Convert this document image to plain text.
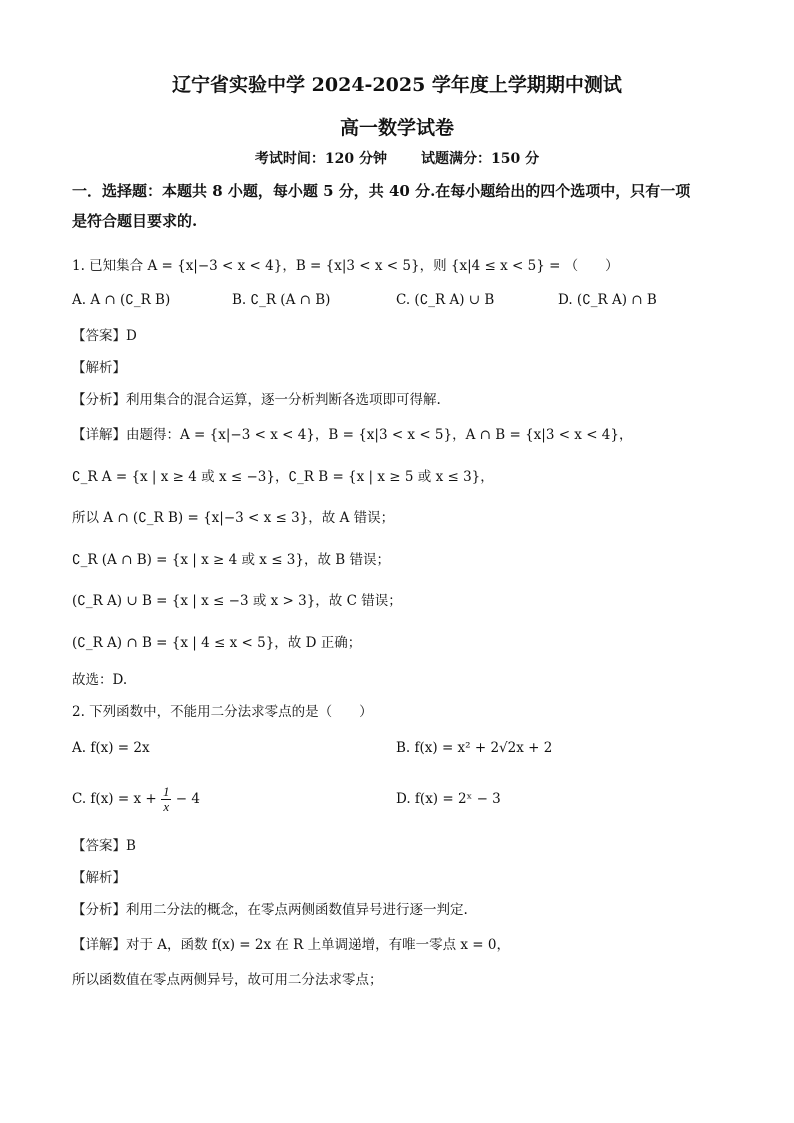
辽宁省实验中学 2024-2025 学年度上学期期中测试
高一数学试卷
考试时间：120 分钟 试题满分：150 分
一．选择题：本题共 8 小题，每小题 5 分，共 40 分.在每小题给出的四个选项中，只有一项
是符合题目要求的.
1. 已知集合 A = {x|−3 < x < 4}，B = {x|3 < x < 5}，则 {x|4 ≤ x < 5} = （　　）
A. A ∩ (∁_R B)	B. ∁_R (A ∩ B)	C. (∁_R A) ∪ B	D. (∁_R A) ∩ B
【答案】D
【解析】
【分析】利用集合的混合运算，逐一分析判断各选项即可得解.
【详解】由题得：A = {x|−3 < x < 4}，B = {x|3 < x < 5}，A ∩ B = {x|3 < x < 4}，
∁_R A = {x | x ≥ 4 或 x ≤ −3}，∁_R B = {x | x ≥ 5 或 x ≤ 3}，
所以 A ∩ (∁_R B) = {x|−3 < x ≤ 3}，故 A 错误；
∁_R (A ∩ B) = {x | x ≥ 4 或 x ≤ 3}，故 B 错误；
(∁_R A) ∪ B = {x | x ≤ −3 或 x > 3}，故 C 错误；
(∁_R A) ∩ B = {x | 4 ≤ x < 5}，故 D 正确；
故选：D.
2. 下列函数中，不能用二分法求零点的是（　　）
A. f(x) = 2x	B. f(x) = x² + 2√2x + 2
C. $f(x) = x + \frac{1}{x} - 4$	D. f(x) = 2ˣ − 3
【答案】B
【解析】
【分析】利用二分法的概念，在零点两侧函数值异号进行逐一判定.
【详解】对于 A，函数 f(x) = 2x 在 R 上单调递增，有唯一零点 x = 0，
所以函数值在零点两侧异号，故可用二分法求零点；
